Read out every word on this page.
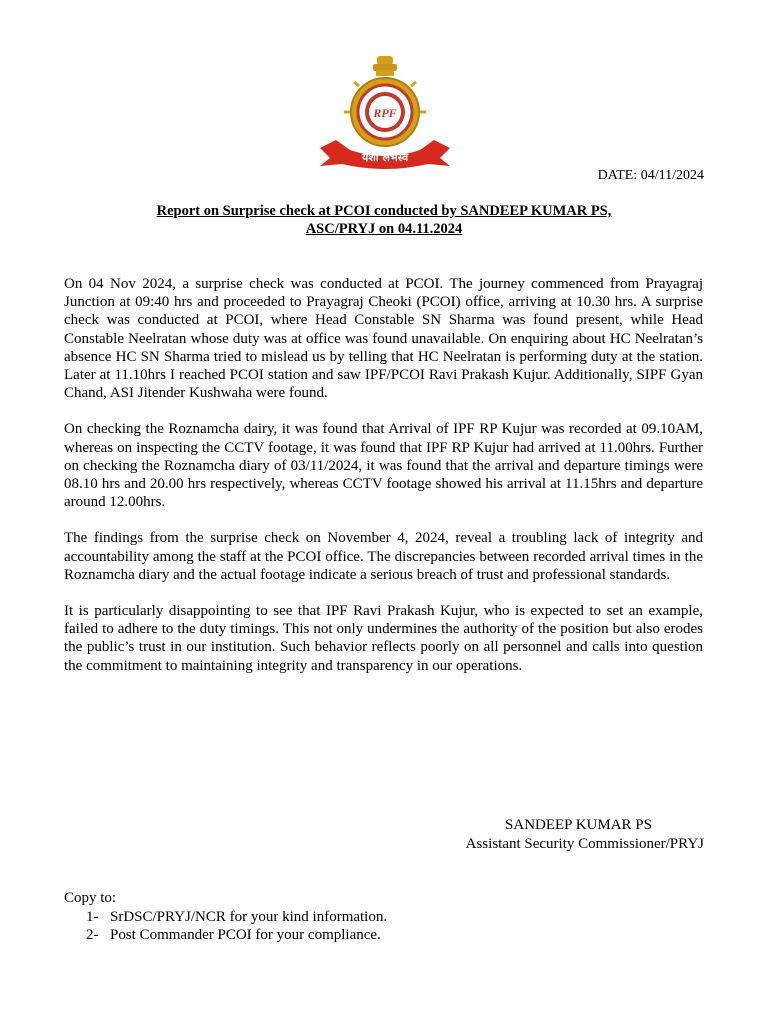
RPF
यशो लभस्व
DATE: 04/11/2024
Report on Surprise check at PCOI conducted by SANDEEP KUMAR PS,
ASC/PRYJ on 04.11.2024

On 04 Nov 2024, a surprise check was conducted at PCOI. The journey commenced from Prayagraj Junction at 09:40 hrs and proceeded to Prayagraj Cheoki (PCOI) office, arriving at 10.30 hrs. A surprise check was conducted at PCOI, where Head Constable SN Sharma was found present, while Head Constable Neelratan whose duty was at office was found unavailable. On enquiring about HC Neelratan’s absence HC SN Sharma tried to mislead us by telling that HC Neelratan is performing duty at the station. Later at 11.10hrs I reached PCOI station and saw IPF/PCOI Ravi Prakash Kujur. Additionally, SIPF Gyan Chand, ASI Jitender Kushwaha were found.

On checking the Roznamcha dairy, it was found that Arrival of IPF RP Kujur was recorded at 09.10AM, whereas on inspecting the CCTV footage, it was found that IPF RP Kujur had arrived at 11.00hrs. Further on checking the Roznamcha diary of 03/11/2024, it was found that the arrival and departure timings were 08.10 hrs and 20.00 hrs respectively, whereas CCTV footage showed his arrival at 11.15hrs and departure around 12.00hrs.

The findings from the surprise check on November 4, 2024, reveal a troubling lack of integrity and accountability among the staff at the PCOI office. The discrepancies between recorded arrival times in the Roznamcha diary and the actual footage indicate a serious breach of trust and professional standards.

It is particularly disappointing to see that IPF Ravi Prakash Kujur, who is expected to set an example, failed to adhere to the duty timings. This not only undermines the authority of the position but also erodes the public’s trust in our institution. Such behavior reflects poorly on all personnel and calls into question the commitment to maintaining integrity and transparency in our operations.

SANDEEP KUMAR PS
Assistant Security Commissioner/PRYJ
Copy to:
1- SrDSC/PRYJ/NCR for your kind information.
2- Post Commander PCOI for your compliance.
